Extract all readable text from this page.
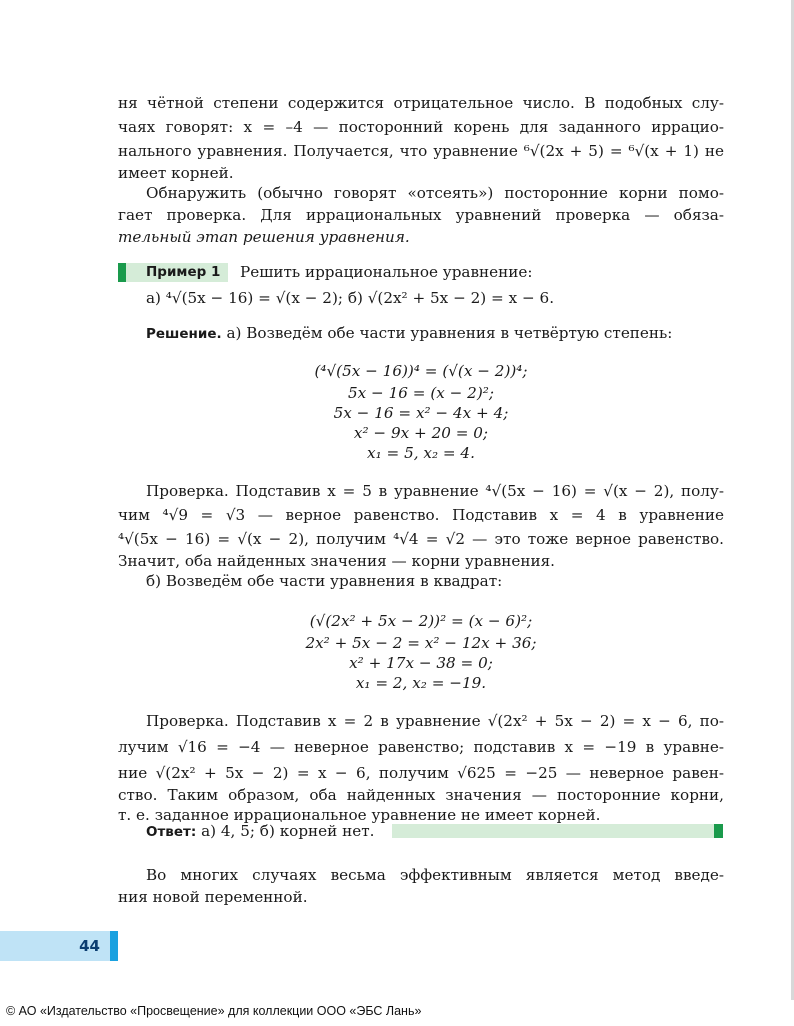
ня чётной степени содержится отрицательное число. В подобных слу-
чаях говорят: x = –4 — посторонний корень для заданного иррацио-
нального уравнения. Получается, что уравнение ⁶√(2x + 5) = ⁶√(x + 1) не
имеет корней.
Обнаружить (обычно говорят «отсеять») посторонние корни помо-
гает проверка. Для иррациональных уравнений проверка — обяза-
тельный этап решения уравнения.
Пример 1 Решить иррациональное уравнение:
а) ⁴√(5x − 16) = √(x − 2); б) √(2x² + 5x − 2) = x − 6.
Решение. а) Возведём обе части уравнения в четвёртую степень:
(⁴√(5x − 16))⁴ = (√(x − 2))⁴;
5x − 16 = (x − 2)²;
5x − 16 = x² − 4x + 4;
x² − 9x + 20 = 0;
x₁ = 5, x₂ = 4.
Проверка. Подставив x = 5 в уравнение ⁴√(5x − 16) = √(x − 2), полу-
чим ⁴√9 = √3 — верное равенство. Подставив x = 4 в уравнение
⁴√(5x − 16) = √(x − 2), получим ⁴√4 = √2 — это тоже верное равенство.
Значит, оба найденных значения — корни уравнения.
б) Возведём обе части уравнения в квадрат:
(√(2x² + 5x − 2))² = (x − 6)²;
2x² + 5x − 2 = x² − 12x + 36;
x² + 17x − 38 = 0;
x₁ = 2, x₂ = −19.
Проверка. Подставив x = 2 в уравнение √(2x² + 5x − 2) = x − 6, по-
лучим √16 = −4 — неверное равенство; подставив x = −19 в уравне-
ние √(2x² + 5x − 2) = x − 6, получим √625 = −25 — неверное равен-
ство. Таким образом, оба найденных значения — посторонние корни,
т. е. заданное иррациональное уравнение не имеет корней.
Ответ: а) 4, 5; б) корней нет.
Во многих случаях весьма эффективным является метод введе-
ния новой переменной.
44
© АО «Издательство «Просвещение» для коллекции ООО «ЭБС Лань»
